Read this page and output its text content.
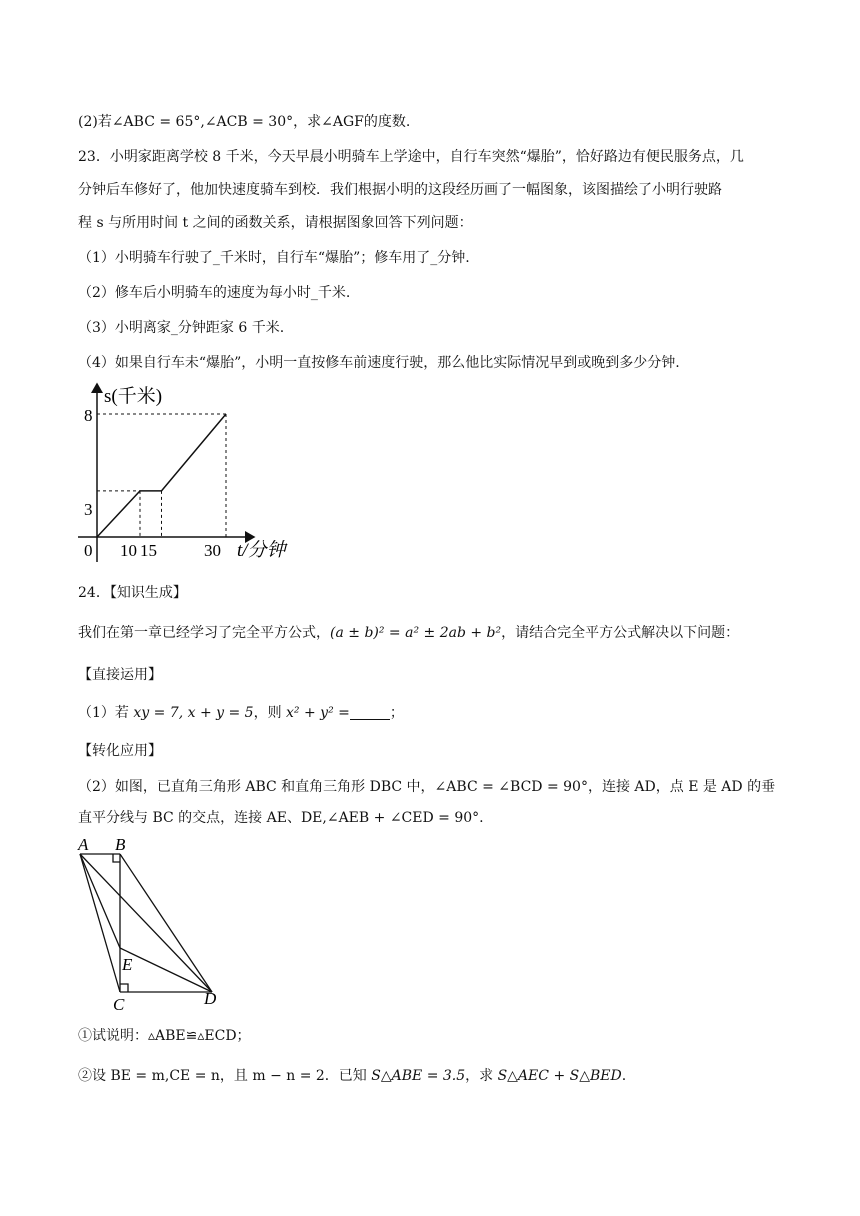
(2)若∠ABC = 65°,∠ACB = 30°，求∠AGF的度数.
23．小明家距离学校 8 千米，今天早晨小明骑车上学途中，自行车突然“爆胎”，恰好路边有便民服务点，几
分钟后车修好了，他加快速度骑车到校．我们根据小明的这段经历画了一幅图象，该图描绘了小明行驶路
程 s 与所用时间 t 之间的函数关系，请根据图象回答下列问题：
（1）小明骑车行驶了_千米时，自行车“爆胎”；修车用了_分钟.
（2）修车后小明骑车的速度为每小时_千米.
（3）小明离家_分钟距家 6 千米.
（4）如果自行车未“爆胎”，小明一直按修车前速度行驶，那么他比实际情况早到或晚到多少分钟.
s(千米)
t/分钟
0
3
8
10 15	30
24．【知识生成】
我们在第一章已经学习了完全平方公式，(a ± b)² = a² ± 2ab + b²，请结合完全平方公式解决以下问题：
【直接运用】
（1）若 xy = 7, x + y = 5，则 x² + y² =	；
【转化应用】
（2）如图，已直角三角形 ABC 和直角三角形 DBC 中，∠ABC = ∠BCD = 90°，连接 AD，点 E 是 AD 的垂
直平分线与 BC 的交点，连接 AE、DE,∠AEB + ∠CED = 90°.
A B
E
C	D
①试说明：▵ABE≌▵ECD；
②设 BE = m,CE = n，且 m − n = 2．已知 S△ABE = 3.5，求 S△AEC + S△BED.
